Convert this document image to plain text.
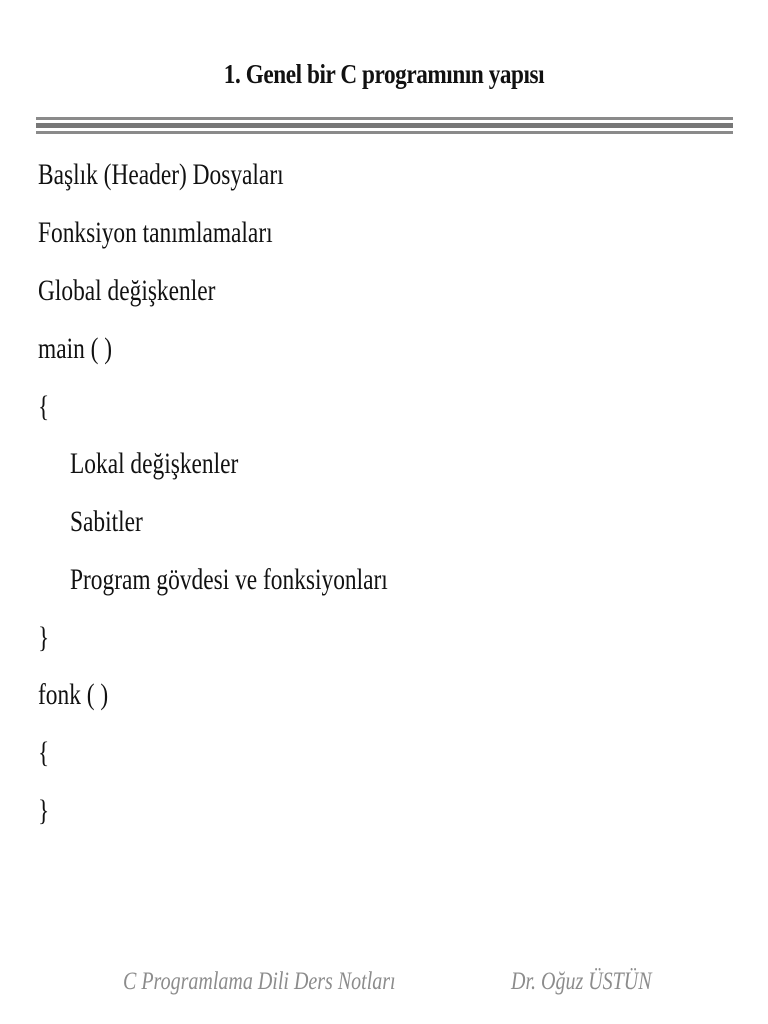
1. Genel bir C programının yapısı

Başlık (Header) Dosyaları

Fonksiyon tanımlamaları

Global değişkenler

main ( )

{

Lokal değişkenler

Sabitler

Program gövdesi ve fonksiyonları

}

fonk ( )

{

}

C Programlama Dili Ders Notları	Dr. Oğuz ÜSTÜN
